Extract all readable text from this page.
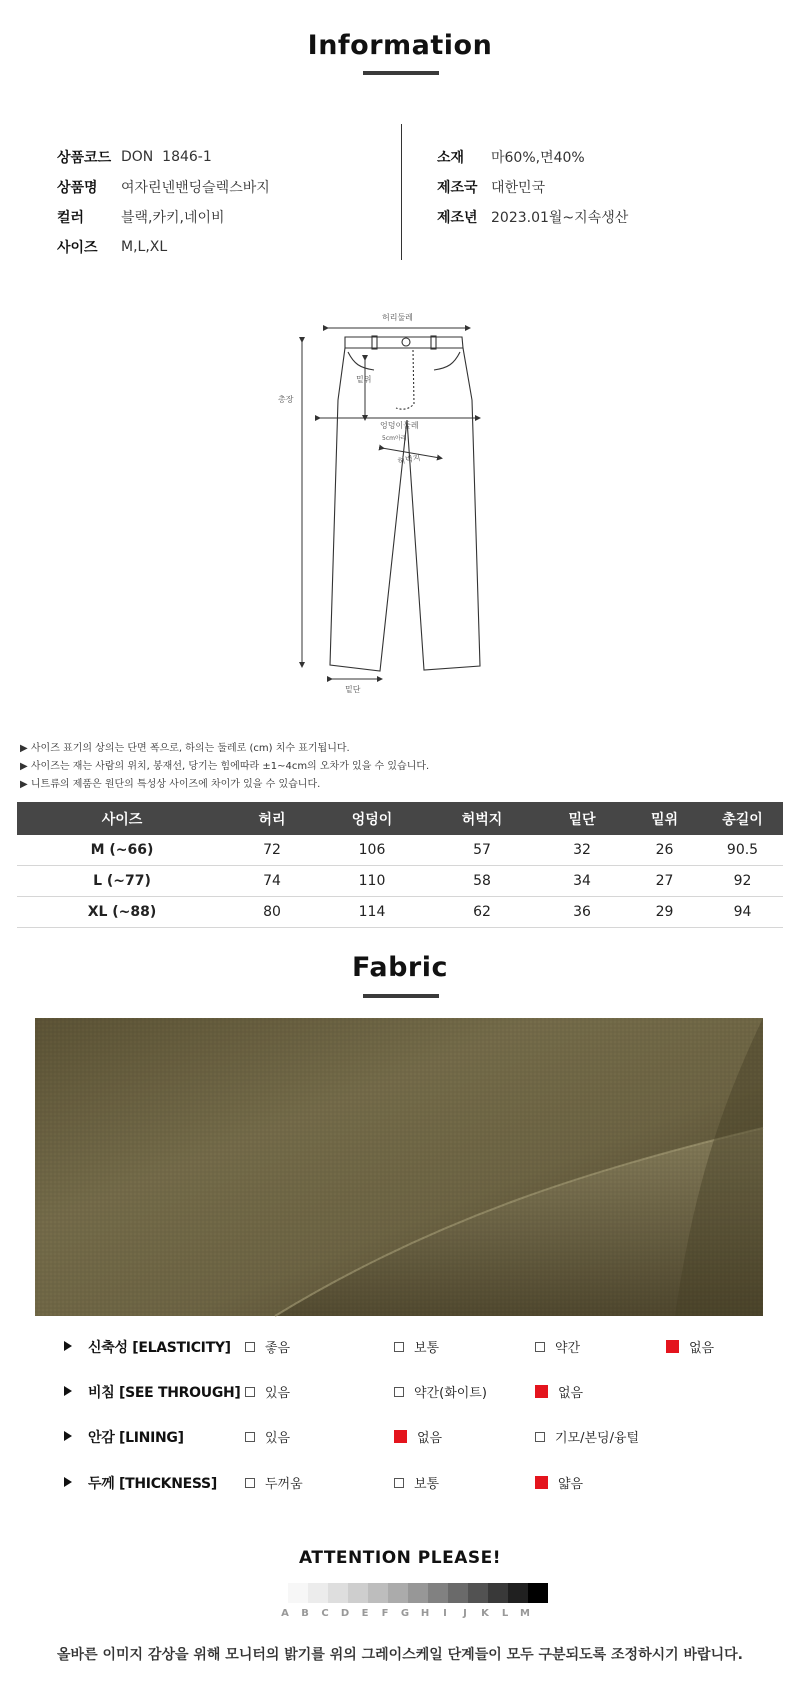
Information
상품코드 DON  1846-1
상품명	여자린넨밴딩슬렉스바지
컬러	블랙,카키,네이비
사이즈	M,L,XL
소재	마60%,면40%
제조국 대한민국
제조년 2023.01월~지속생산
허리둘레
총장
밑위
엉덩이둘레
5cm아래
허벅지
밑단
▶ 사이즈 표기의 상의는 단면 폭으로, 하의는 둘레로 (cm) 치수 표기됩니다.
▶ 사이즈는 재는 사람의 위치, 봉재선, 당기는 힘에따라 ±1~4cm의 오차가 있을 수 있습니다.
▶ 니트류의 제품은 원단의 특성상 사이즈에 차이가 있을 수 있습니다.
사이즈	허리	엉덩이	허벅지	밑단	밑위	총길이
M (~66)	72	106	57	32	26	90.5
L (~77)	74	110	58	34	27	92
XL (~88)	80	114	62	36	29	94
Fabric
신축성 [ELASTICITY]	좋음	보통	약간	없음
비침 [SEE THROUGH] 있음	약간(화이트)	없음
안감 [LINING]	있음	없음	기모/본딩/융털
두께 [THICKNESS]	두꺼움	보통	얇음
ATTENTION PLEASE!
A	B	C	D	E	F	G	H	I	J	K	L	M
올바른 이미지 감상을 위해 모니터의 밝기를 위의 그레이스케일 단계들이 모두 구분되도록 조정하시기 바랍니다.
